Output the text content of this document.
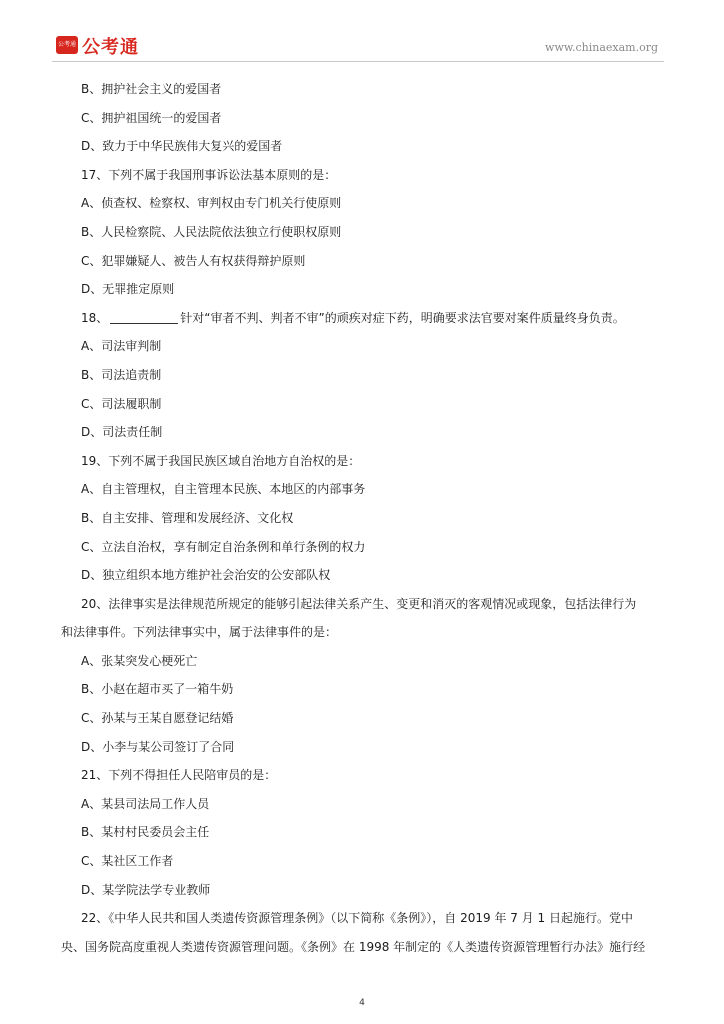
公考通 公考通	www.chinaexam.org
B、拥护社会主义的爱国者
C、拥护祖国统一的爱国者
D、致力于中华民族伟大复兴的爱国者
17、下列不属于我国刑事诉讼法基本原则的是：
A、侦查权、检察权、审判权由专门机关行使原则
B、人民检察院、人民法院依法独立行使职权原则
C、犯罪嫌疑人、被告人有权获得辩护原则
D、无罪推定原则
18、	针对“审者不判、判者不审”的顽疾对症下药，明确要求法官要对案件质量终身负责。
A、司法审判制
B、司法追责制
C、司法履职制
D、司法责任制
19、下列不属于我国民族区域自治地方自治权的是：
A、自主管理权，自主管理本民族、本地区的内部事务
B、自主安排、管理和发展经济、文化权
C、立法自治权，享有制定自治条例和单行条例的权力
D、独立组织本地方维护社会治安的公安部队权
20、法律事实是法律规范所规定的能够引起法律关系产生、变更和消灭的客观情况或现象，包括法律行为
和法律事件。下列法律事实中，属于法律事件的是：
A、张某突发心梗死亡
B、小赵在超市买了一箱牛奶
C、孙某与王某自愿登记结婚
D、小李与某公司签订了合同
21、下列不得担任人民陪审员的是：
A、某县司法局工作人员
B、某村村民委员会主任
C、某社区工作者
D、某学院法学专业教师
22、《中华人民共和国人类遗传资源管理条例》（以下简称《条例》），自 2019 年 7 月 1 日起施行。党中
央、国务院高度重视人类遗传资源管理问题。《条例》在 1998 年制定的《人类遗传资源管理暂行办法》施行经
4
